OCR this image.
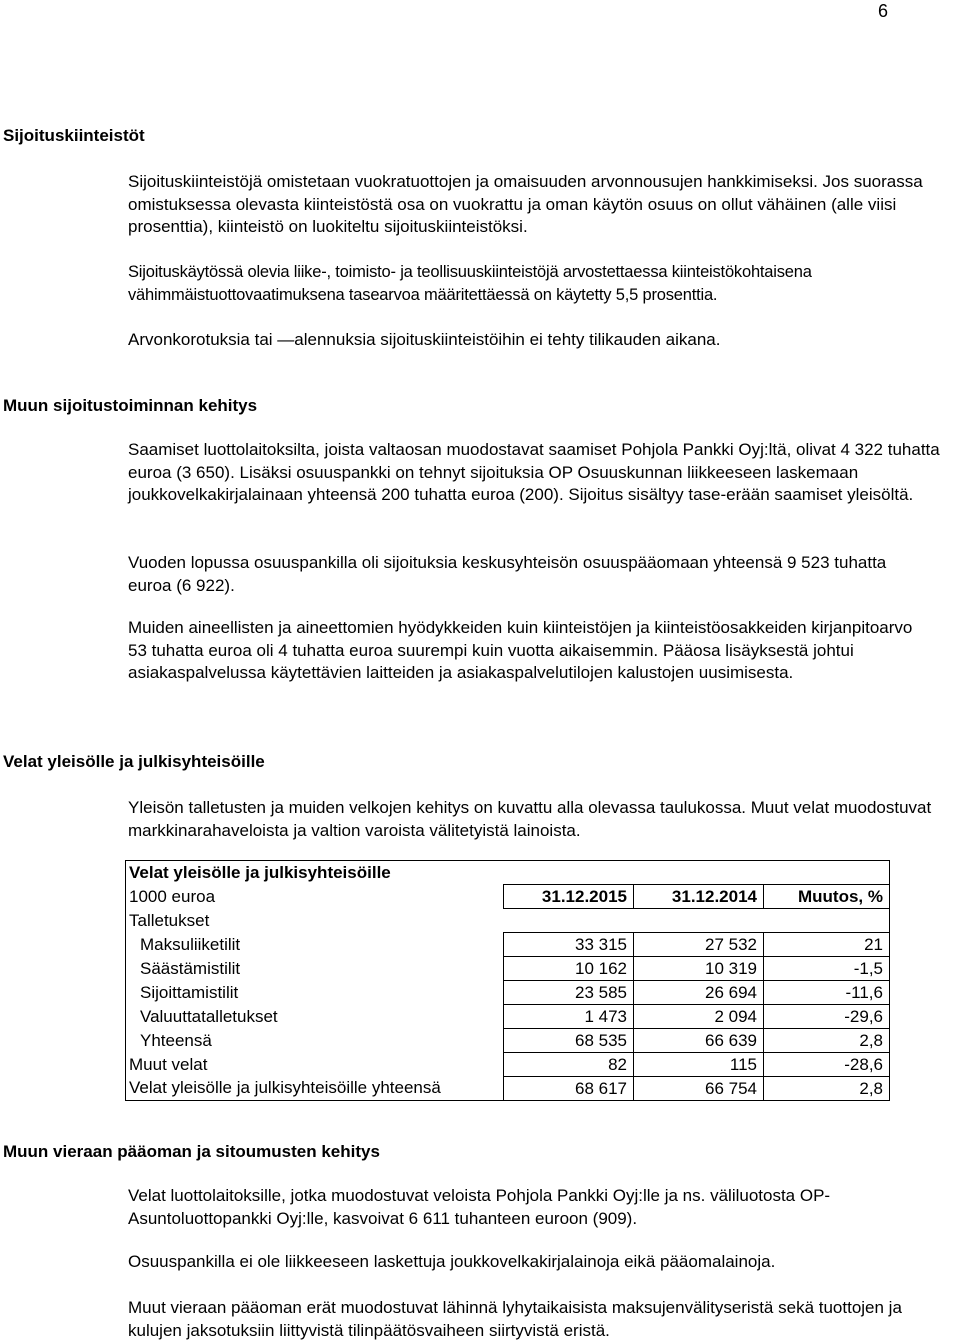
6
Sijoituskiinteistöt

Sijoituskiinteistöjä omistetaan vuokratuottojen ja omaisuuden arvonnousujen hankkimiseksi. Jos suorassa omistuksessa olevasta kiinteistöstä osa on vuokrattu ja oman käytön osuus on ollut vähäinen (alle viisi prosenttia), kiinteistö on luokiteltu sijoituskiinteistöksi.

Sijoituskäytössä olevia liike-, toimisto- ja teollisuuskiinteistöjä arvostettaessa kiinteistökohtaisena vähimmäistuottovaatimuksena tasearvoa määritettäessä on käytetty 5,5 prosenttia.

Arvonkorotuksia tai —alennuksia sijoituskiinteistöihin ei tehty tilikauden aikana.

Muun sijoitustoiminnan kehitys

Saamiset luottolaitoksilta, joista valtaosan muodostavat saamiset Pohjola Pankki Oyj:ltä, olivat 4 322 tuhatta euroa (3 650). Lisäksi osuuspankki on tehnyt sijoituksia OP Osuuskunnan liikkeeseen laskemaan joukkovelkakirjalainaan yhteensä 200 tuhatta euroa (200). Sijoitus sisältyy tase-erään saamiset yleisöltä.

Vuoden lopussa osuuspankilla oli sijoituksia keskusyhteisön osuuspääomaan yhteensä 9 523 tuhatta euroa (6 922).

Muiden aineellisten ja aineettomien hyödykkeiden kuin kiinteistöjen ja kiinteistöosakkeiden kirjanpitoarvo 53 tuhatta euroa oli 4 tuhatta euroa suurempi kuin vuotta aikaisemmin. Pääosa lisäyksestä johtui asiakaspalvelussa käytettävien laitteiden ja asiakaspalvelutilojen kalustojen uusimisesta.

Velat yleisölle ja julkisyhteisöille

Yleisön talletusten ja muiden velkojen kehitys on kuvattu alla olevassa taulukossa. Muut velat muodostuvat markkinarahaveloista ja valtion varoista välitetyistä lainoista.

Velat yleisölle ja julkisyhteisöille			
1000 euroa	31.12.2015	31.12.2014	Muutos, %
Talletukset			
Maksuliiketilit	33 315	27 532	21
Säästämistilit	10 162	10 319	-1,5
Sijoittamistilit	23 585	26 694	-11,6
Valuuttatalletukset	1 473	2 094	-29,6
Yhteensä	68 535	66 639	2,8
Muut velat	82	115	-28,6
Velat yleisölle ja julkisyhteisöille yhteensä	68 617	66 754	2,8
Muun vieraan pääoman ja sitoumusten kehitys

Velat luottolaitoksille, jotka muodostuvat veloista Pohjola Pankki Oyj:lle ja ns. väliluotosta OP-Asuntoluottopankki Oyj:lle, kasvoivat 6 611 tuhanteen euroon (909).

Osuuspankilla ei ole liikkeeseen laskettuja joukkovelkakirjalainoja eikä pääomalainoja.

Muut vieraan pääoman erät muodostuvat lähinnä lyhytaikaisista maksujenvälityseristä sekä tuottojen ja kulujen jaksotuksiin liittyvistä tilinpäätösvaiheen siirtyvistä eristä.
